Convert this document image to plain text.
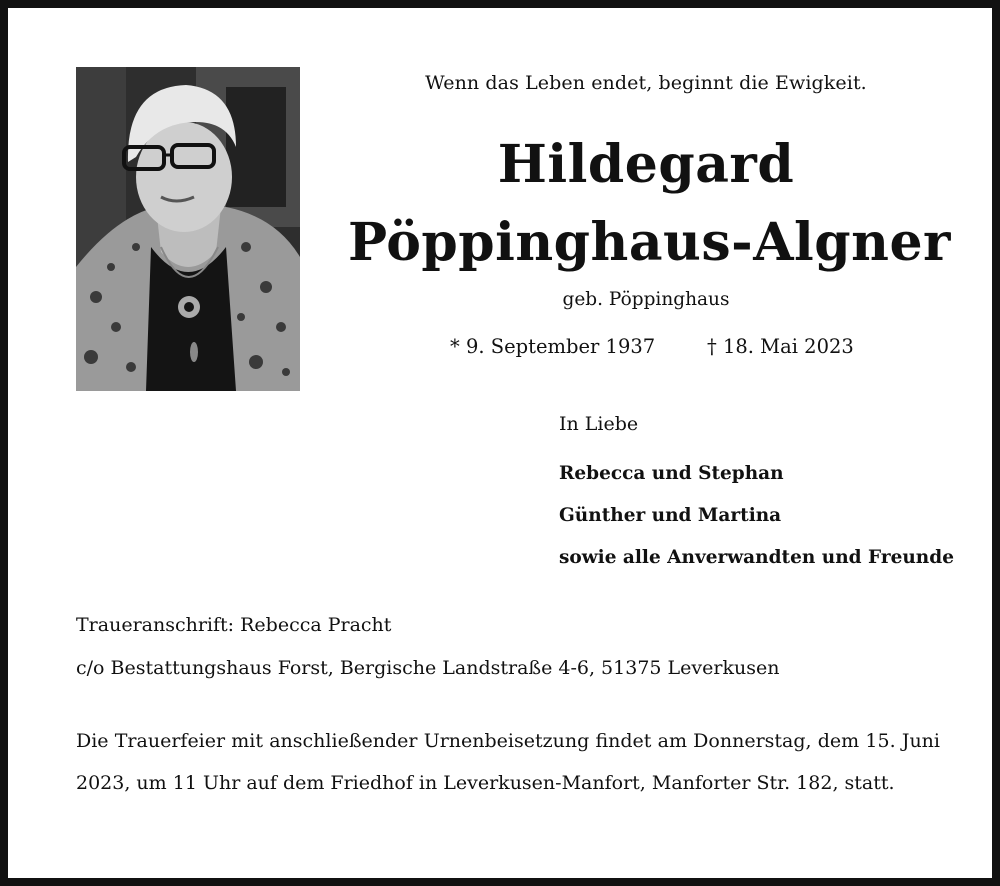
Wenn das Leben endet, beginnt die Ewigkeit.
Hildegard
Pöppinghaus-Algner
geb. Pöppinghaus
* 9. September 1937	† 18. Mai 2023
In Liebe
Rebecca und Stephan
Günther und Martina
sowie alle Anverwandten und Freunde
Traueranschrift: Rebecca Pracht
c/o Bestattungshaus Forst, Bergische Landstraße 4-6, 51375 Leverkusen
Die Trauerfeier mit anschließender Urnenbeisetzung findet am Donnerstag, dem 15. Juni 2023, um 11 Uhr auf dem Friedhof in Leverkusen-Manfort, Manforter Str. 182, statt.
